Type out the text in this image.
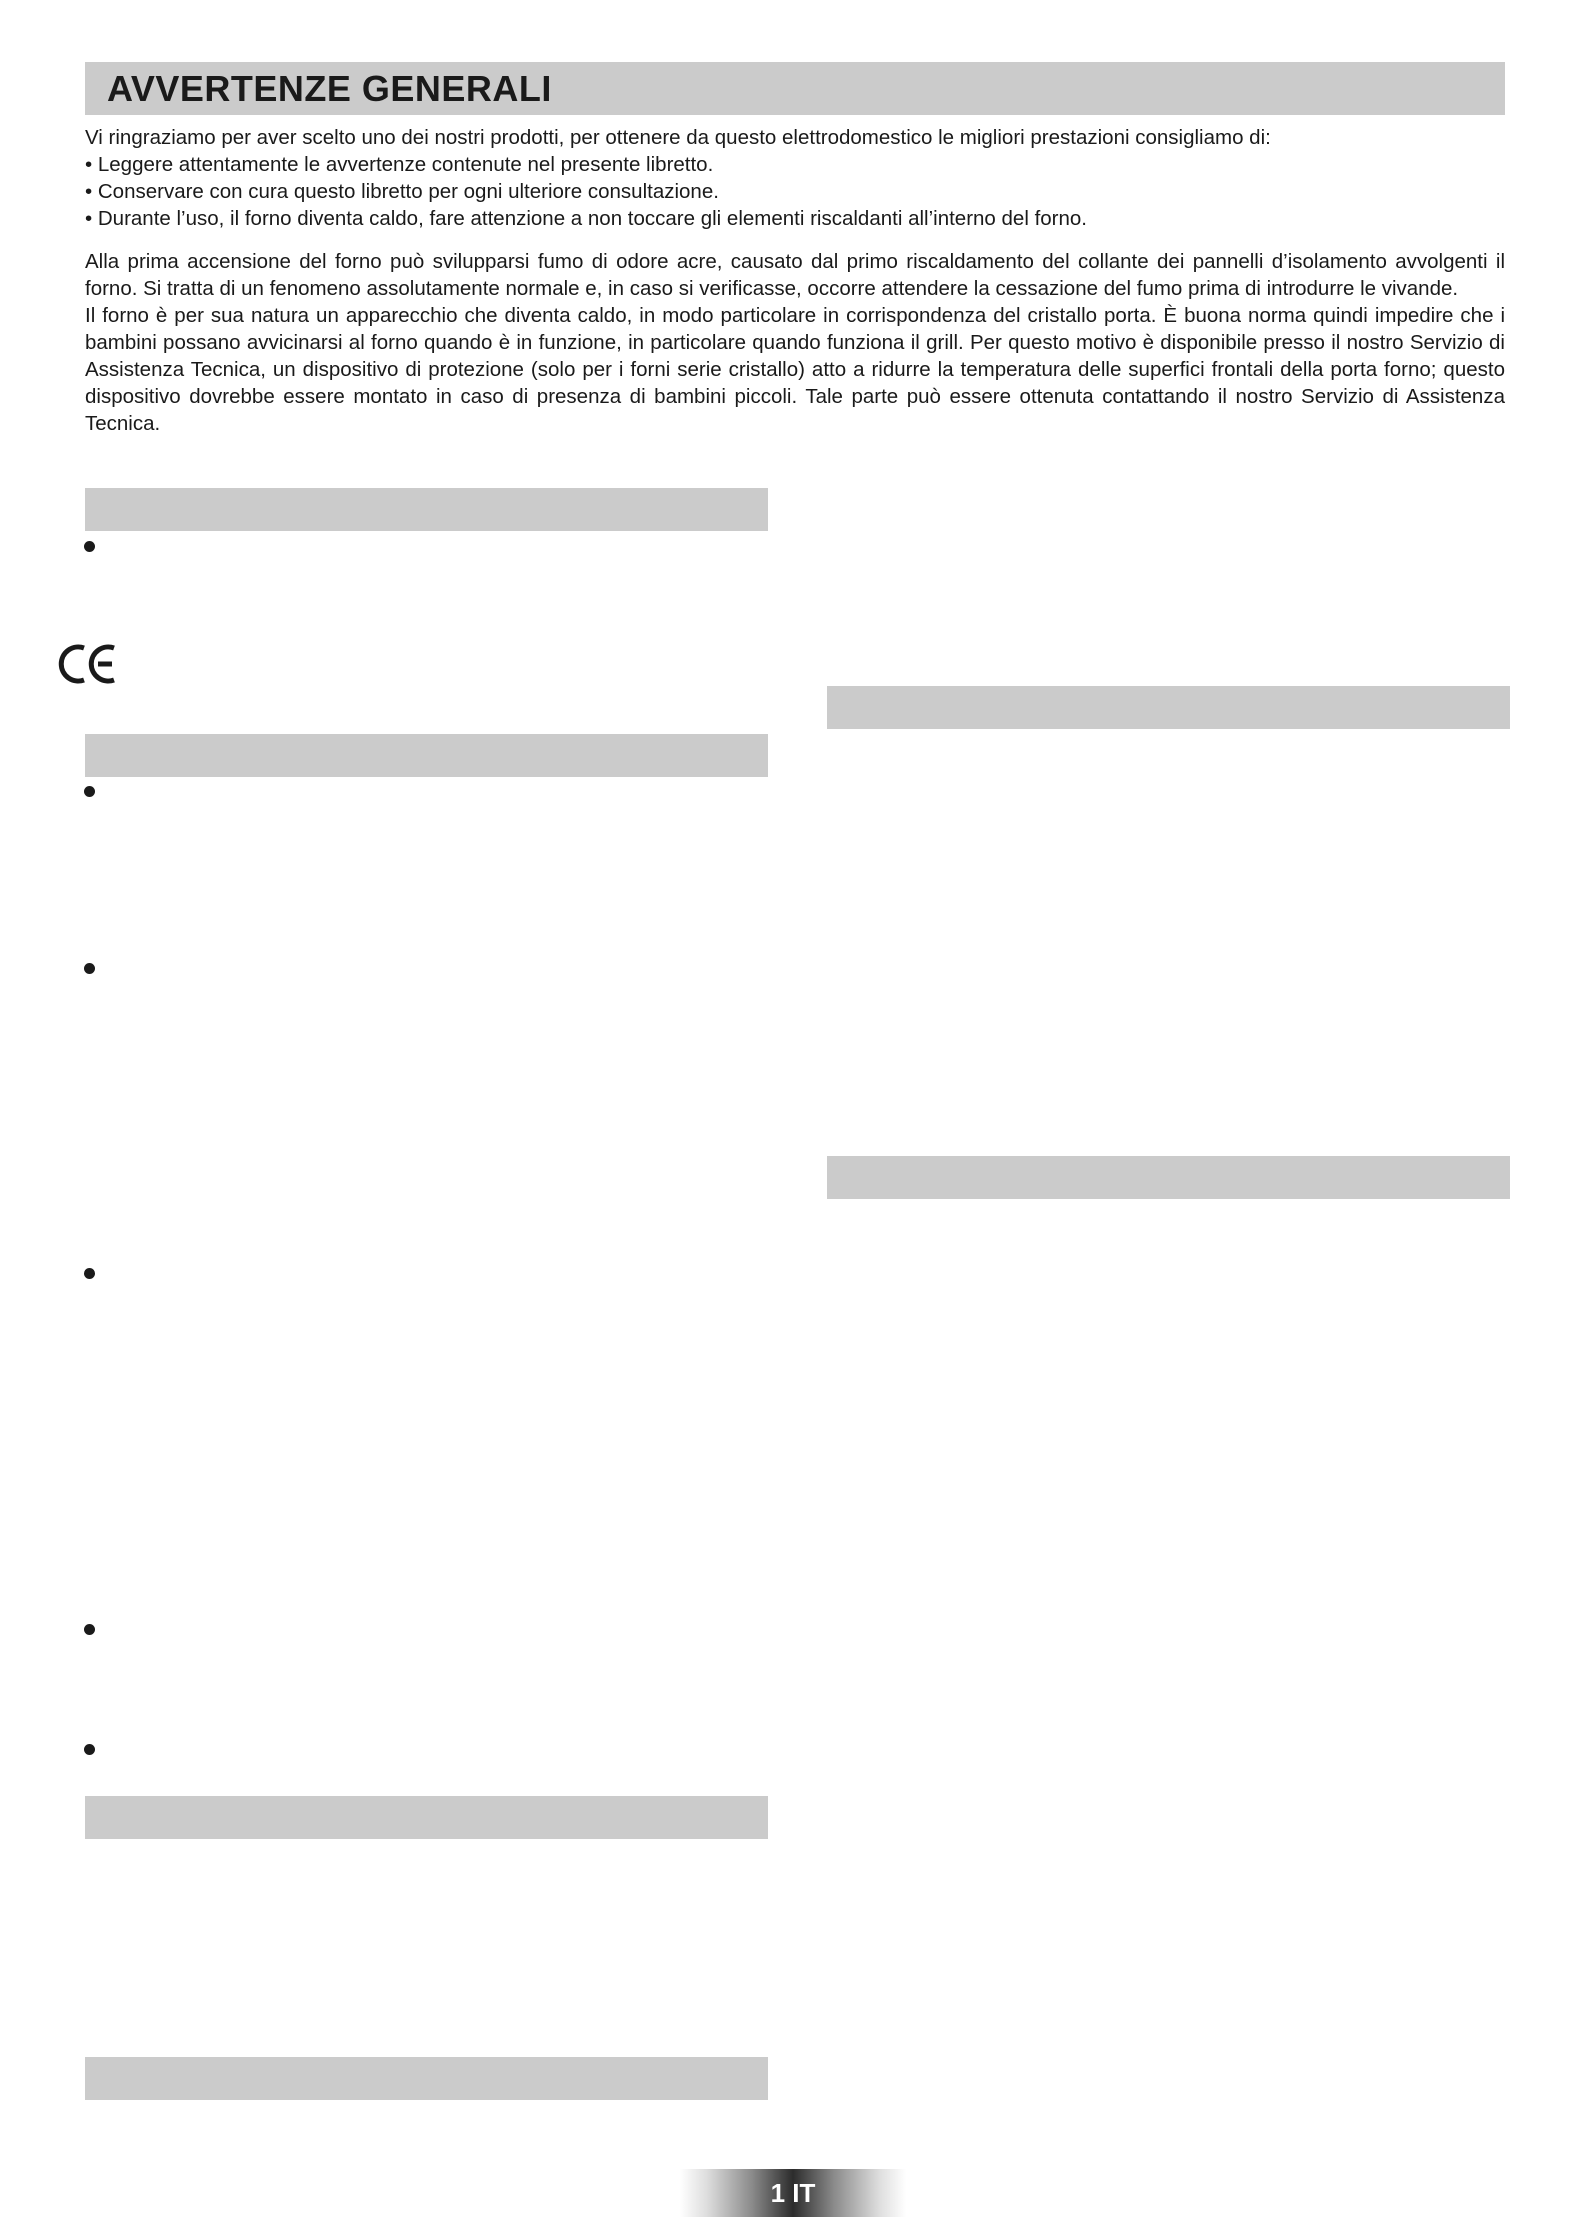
AVVERTENZE GENERALI

Vi ringraziamo per aver scelto uno dei nostri prodotti, per ottenere da questo elettrodomestico le migliori prestazioni consigliamo di:

• Leggere attentamente le avvertenze contenute nel presente libretto.

• Conservare con cura questo libretto per ogni ulteriore consultazione.

• Durante l’uso, il forno diventa caldo, fare attenzione a non toccare gli elementi riscaldanti all’interno del forno.

Alla prima accensione del forno può svilupparsi fumo di odore acre, causato dal primo riscaldamento del collante dei pannelli d’isolamento avvolgenti il forno. Si tratta di un fenomeno assolutamente normale e, in caso si verificasse, occorre attendere la cessazione del fumo prima di introdurre le vivande.

Il forno è per sua natura un apparecchio che diventa caldo, in modo particolare in corrispondenza del cristallo porta. È buona norma quindi impedire che i bambini possano avvicinarsi al forno quando è in funzione, in particolare quando funziona il grill. Per questo motivo è disponibile presso il nostro Servizio di Assistenza Tecnica, un dispositivo di protezione (solo per i forni serie cristallo) atto a ridurre la temperatura delle superfici frontali della porta forno; questo dispositivo dovrebbe essere montato in caso di presenza di bambini piccoli. Tale parte può essere ottenuta contattando il nostro Servizio di Assistenza Tecnica.

1 IT
